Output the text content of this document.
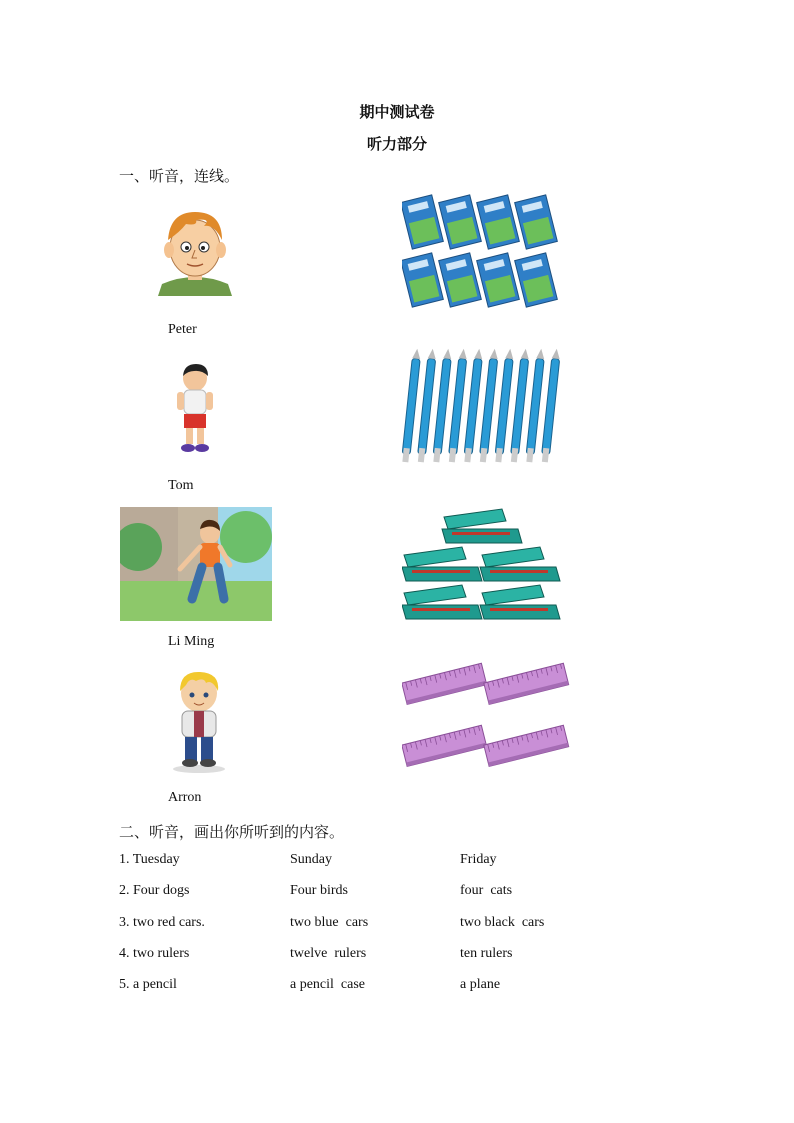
期中测试卷
听力部分
一、听音，连线。
Peter
Tom
Li Ming
Arron
二、听音，画出你所听到的内容。
1. Tuesday	Sunday	Friday
2. Four dogs	Four birds	four  cats
3. two red cars.	two blue  cars	two black  cars
4. two rulers	twelve  rulers	ten rulers
5. a pencil	a pencil  case	a plane
